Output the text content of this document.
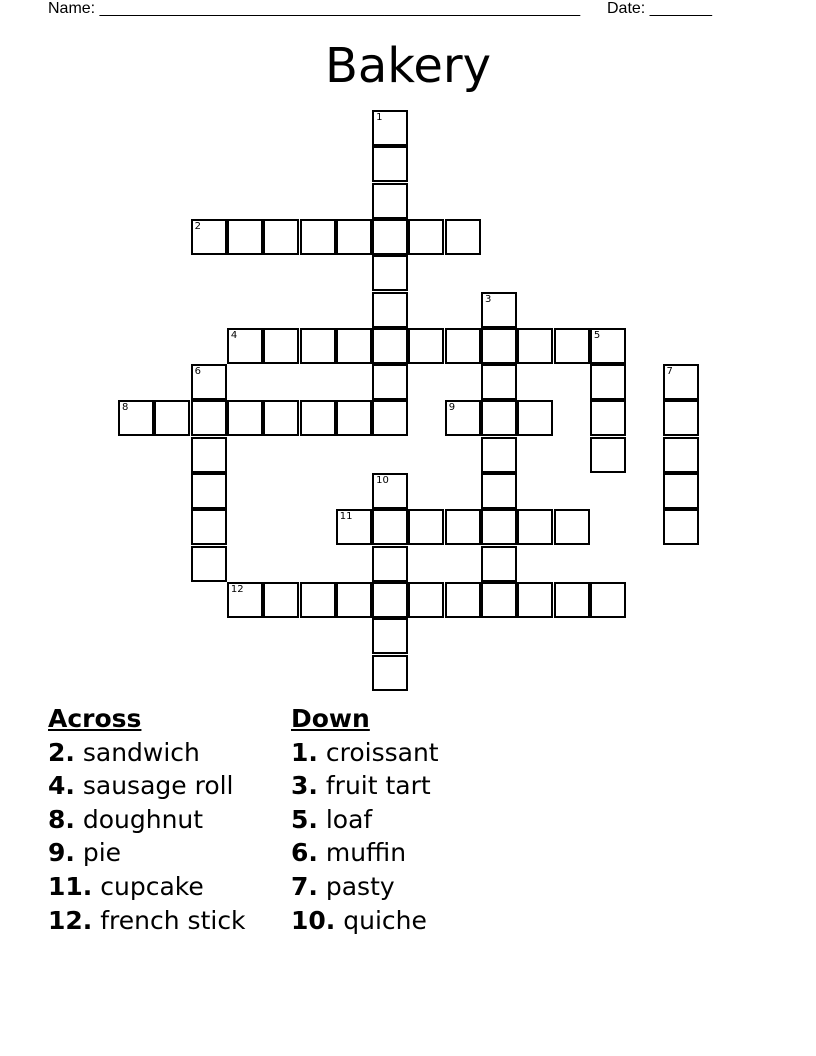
Name: ______________________________________________________ Date: _______
Bakery
1
2
3
4	5
6	7
8	9
10
11
12
Across
2. sandwich
4. sausage roll
8. doughnut
9. pie
11. cupcake
12. french stick
Down
1. croissant
3. fruit tart
5. loaf
6. muffin
7. pasty
10. quiche
